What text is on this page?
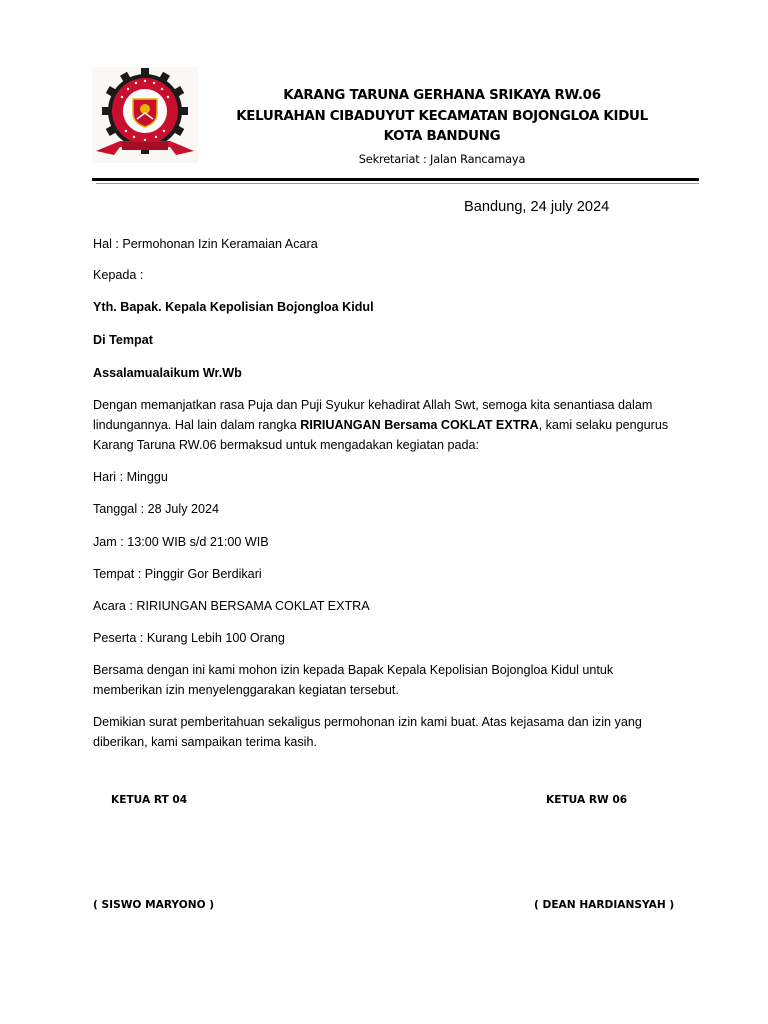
KARANG TARUNA GERHANA SRIKAYA RW.06
KELURAHAN CIBADUYUT KECAMATAN BOJONGLOA KIDUL
KOTA BANDUNG
Sekretariat : Jalan Rancamaya
Bandung, 24 july 2024
Hal : Permohonan Izin Keramaian Acara
Kepada :
Yth. Bapak. Kepala Kepolisian Bojongloa Kidul
Di Tempat
Assalamualaikum Wr.Wb
Dengan memanjatkan rasa Puja dan Puji Syukur kehadirat Allah Swt, semoga kita senantiasa dalam lindungannya. Hal lain dalam rangka RIRIUANGAN Bersama COKLAT EXTRA, kami selaku pengurus Karang Taruna RW.06 bermaksud untuk mengadakan kegiatan pada:
Hari : Minggu
Tanggal : 28 July 2024
Jam : 13:00 WIB s/d 21:00 WIB
Tempat : Pinggir Gor Berdikari
Acara : RIRIUNGAN BERSAMA COKLAT EXTRA
Peserta : Kurang Lebih 100 Orang
Bersama dengan ini kami mohon izin kepada Bapak Kepala Kepolisian Bojongloa Kidul untuk memberikan izin menyelenggarakan kegiatan tersebut.
Demikian surat pemberitahuan sekaligus permohonan izin kami buat. Atas kejasama dan izin yang diberikan, kami sampaikan terima kasih.
KETUA RT 04	KETUA RW 06
( SISWO MARYONO )	( DEAN HARDIANSYAH )
